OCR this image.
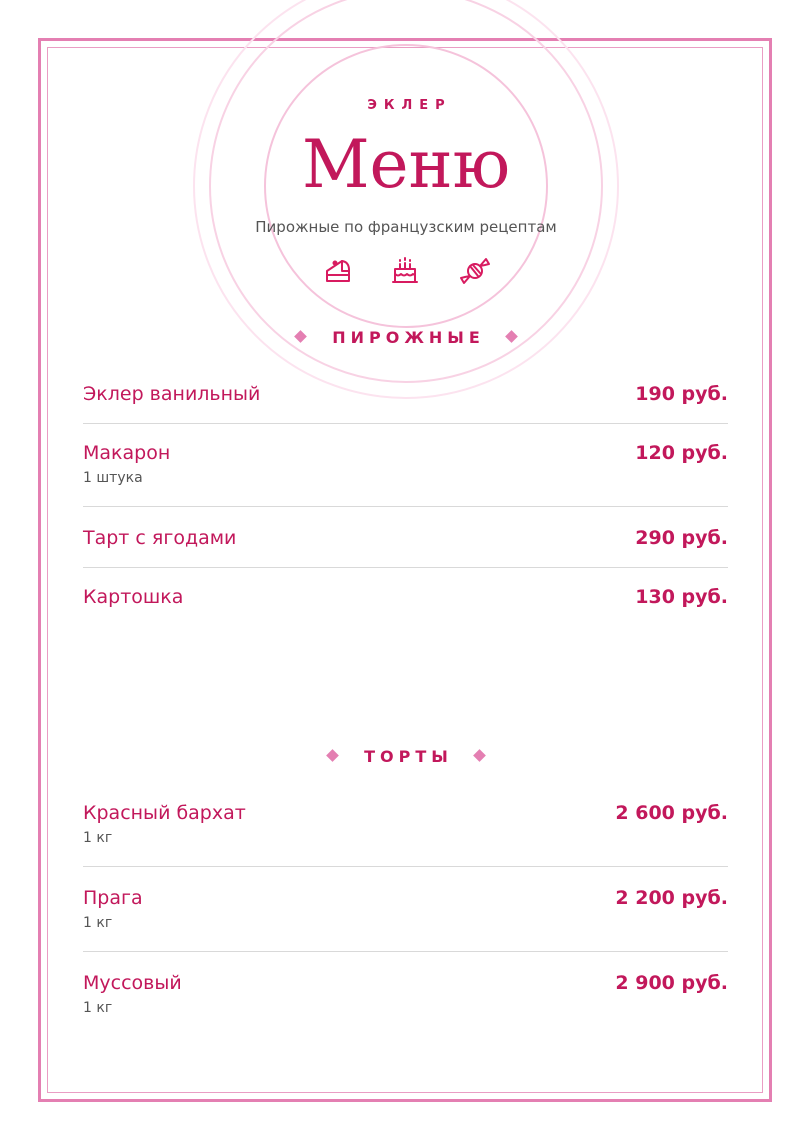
ЭКЛЕР
Меню
Пирожные по французским рецептам
ПИРОЖНЫЕ
Эклер ванильный	190 руб.
Макарон
1 штука
120 руб.
Тарт с ягодами	290 руб.
Картошка	130 руб.
ТОРТЫ
Красный бархат
1 кг
2 600 руб.
Прага
1 кг
2 200 руб.
Муссовый
1 кг
2 900 руб.
